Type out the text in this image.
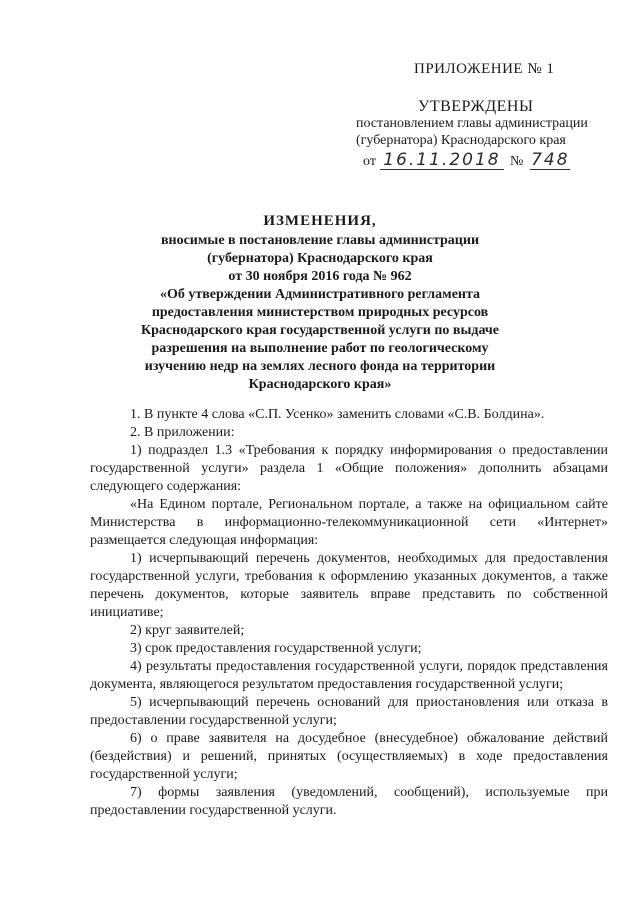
ПРИЛОЖЕНИЕ № 1
УТВЕРЖДЕНЫ
постановлением главы администрации
(губернатора) Краснодарского края
от 16.11.2018 № 748
ИЗМЕНЕНИЯ,
вносимые в постановление главы администрации
(губернатора) Краснодарского края
от 30 ноября 2016 года № 962
«Об утверждении Административного регламента
предоставления министерством природных ресурсов
Краснодарского края государственной услуги по выдаче
разрешения на выполнение работ по геологическому
изучению недр на землях лесного фонда на территории
Краснодарского края»

1. В пункте 4 слова «С.П. Усенко» заменить словами «С.В. Болдина».

2. В приложении:

1) подраздел 1.3 «Требования к порядку информирования о предоставлении государственной услуги» раздела 1 «Общие положения» дополнить абзацами следующего содержания:

«На Едином портале, Региональном портале, а также на официальном сайте Министерства в информационно-телекоммуникационной сети «Интернет» размещается следующая информация:

1) исчерпывающий перечень документов, необходимых для предоставления государственной услуги, требования к оформлению указанных документов, а также перечень документов, которые заявитель вправе представить по собственной инициативе;

2) круг заявителей;

3) срок предоставления государственной услуги;

4) результаты предоставления государственной услуги, порядок представления документа, являющегося результатом предоставления государственной услуги;

5) исчерпывающий перечень оснований для приостановления или отказа в предоставлении государственной услуги;

6) о праве заявителя на досудебное (внесудебное) обжалование действий (бездействия) и решений, принятых (осуществляемых) в ходе предоставления государственной услуги;

7) формы заявления (уведомлений, сообщений), используемые при предоставлении государственной услуги.
